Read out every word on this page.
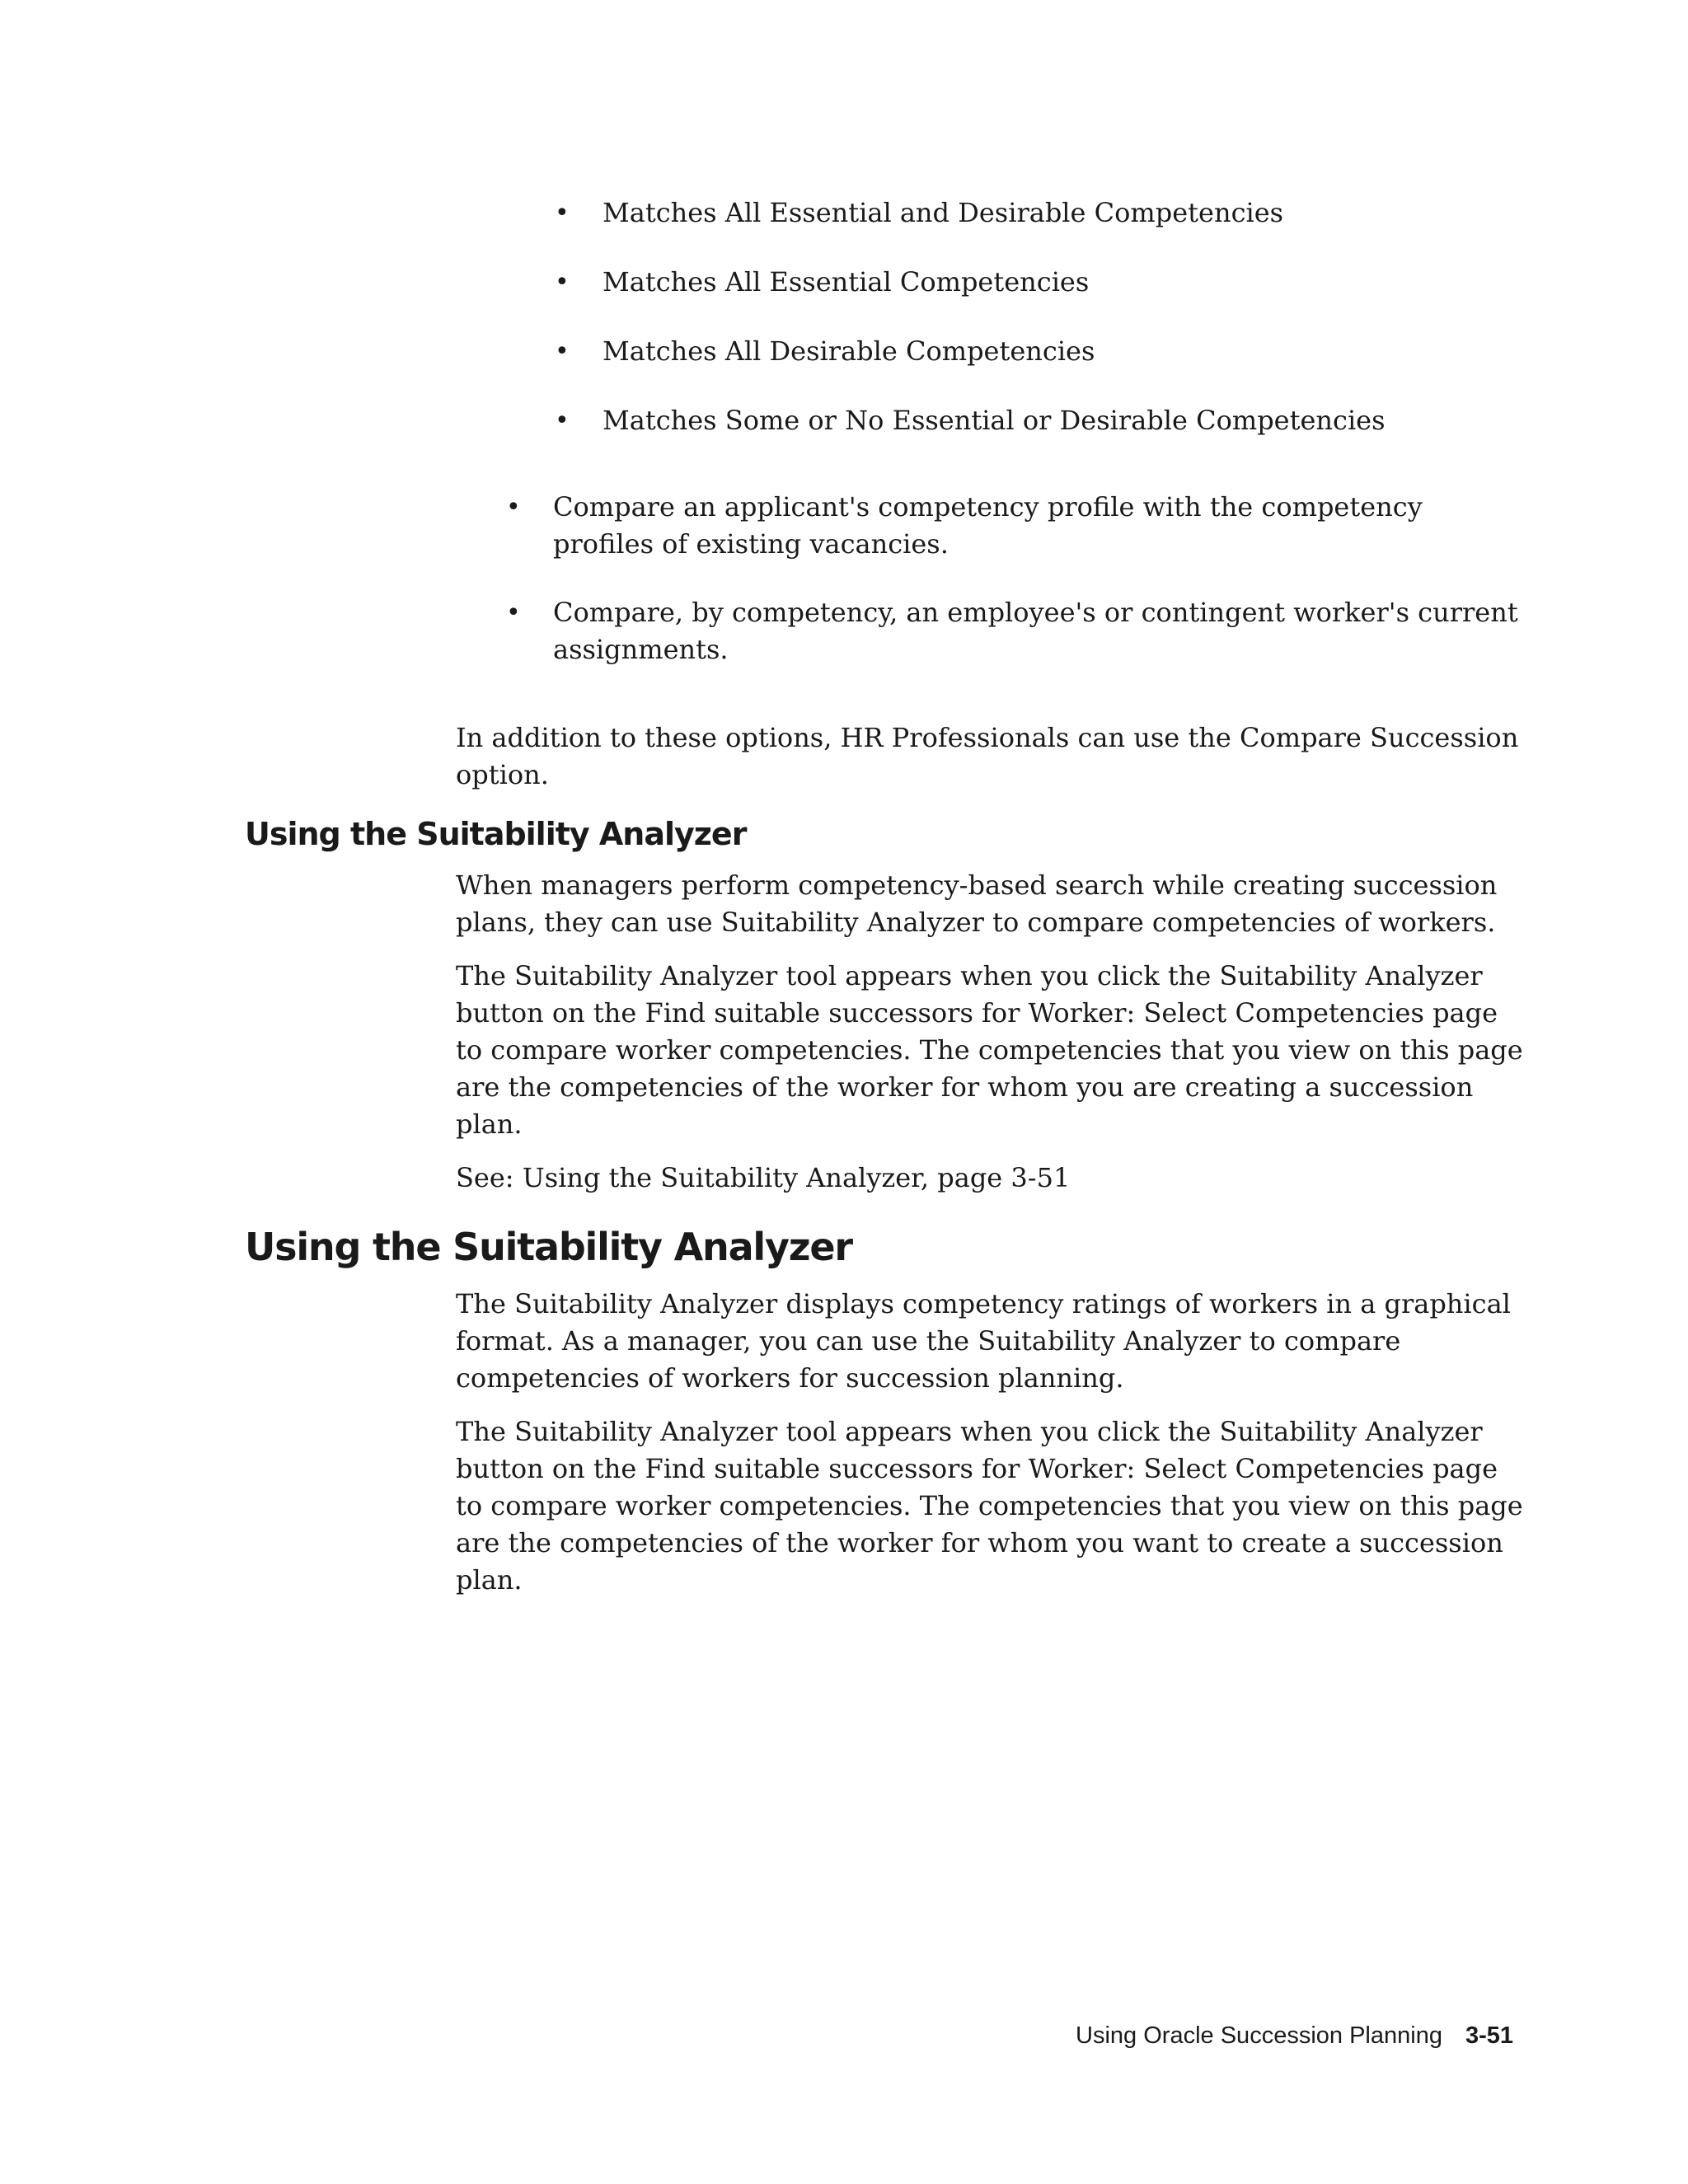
• Matches All Essential and Desirable Competencies
• Matches All Essential Competencies
• Matches All Desirable Competencies
• Matches Some or No Essential or Desirable Competencies
• Compare an applicant's competency profile with the competency profiles of existing vacancies.
• Compare, by competency, an employee's or contingent worker's current assignments.

In addition to these options, HR Professionals can use the Compare Succession option.

Using the Suitability Analyzer

When managers perform competency-based search while creating succession plans, they can use Suitability Analyzer to compare competencies of workers.

The Suitability Analyzer tool appears when you click the Suitability Analyzer button on the Find suitable successors for Worker: Select Competencies page to compare worker competencies. The competencies that you view on this page are the competencies of the worker for whom you are creating a succession plan.

See: Using the Suitability Analyzer, page 3-51

Using the Suitability Analyzer

The Suitability Analyzer displays competency ratings of workers in a graphical format. As a manager, you can use the Suitability Analyzer to compare competencies of workers for succession planning.

The Suitability Analyzer tool appears when you click the Suitability Analyzer button on the Find suitable successors for Worker: Select Competencies page to compare worker competencies. The competencies that you view on this page are the competencies of the worker for whom you want to create a succession plan.

Using Oracle Succession Planning 3-51
